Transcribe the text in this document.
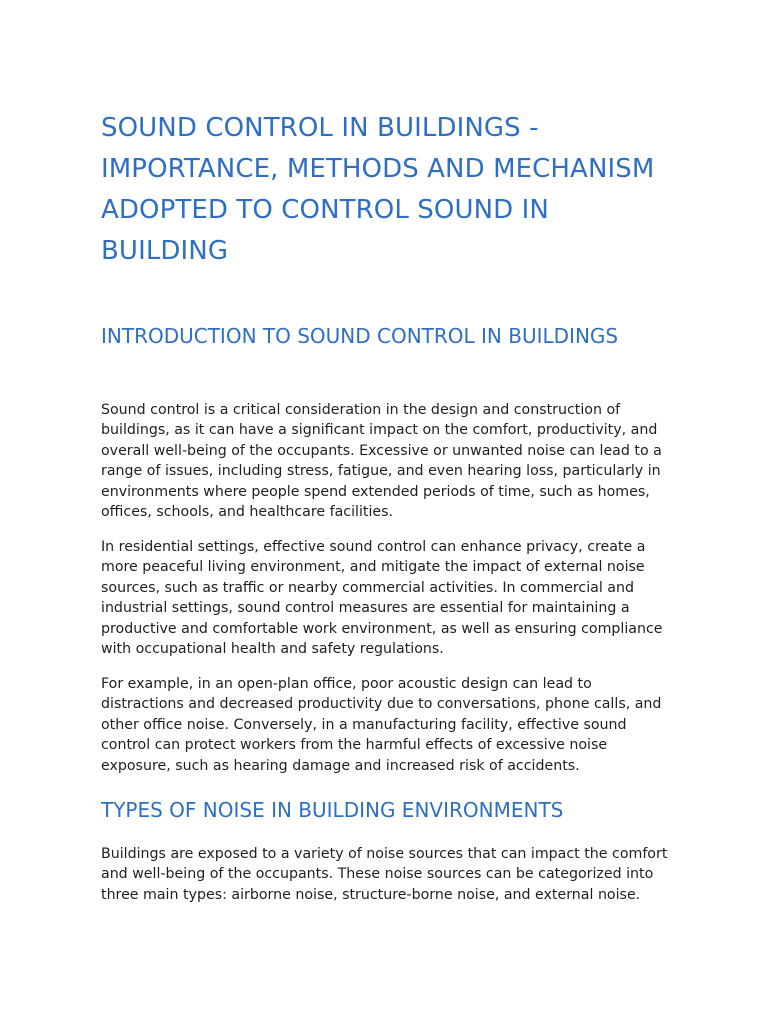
SOUND CONTROL IN BUILDINGS - IMPORTANCE, METHODS AND MECHANISM ADOPTED TO CONTROL SOUND IN BUILDING
INTRODUCTION TO SOUND CONTROL IN BUILDINGS

Sound control is a critical consideration in the design and construction of buildings, as it can have a significant impact on the comfort, productivity, and overall well-being of the occupants. Excessive or unwanted noise can lead to a range of issues, including stress, fatigue, and even hearing loss, particularly in environments where people spend extended periods of time, such as homes, offices, schools, and healthcare facilities.

In residential settings, effective sound control can enhance privacy, create a more peaceful living environment, and mitigate the impact of external noise sources, such as traffic or nearby commercial activities. In commercial and industrial settings, sound control measures are essential for maintaining a productive and comfortable work environment, as well as ensuring compliance with occupational health and safety regulations.

For example, in an open-plan office, poor acoustic design can lead to distractions and decreased productivity due to conversations, phone calls, and other office noise. Conversely, in a manufacturing facility, effective sound control can protect workers from the harmful effects of excessive noise exposure, such as hearing damage and increased risk of accidents.

TYPES OF NOISE IN BUILDING ENVIRONMENTS

Buildings are exposed to a variety of noise sources that can impact the comfort and well-being of the occupants. These noise sources can be categorized into three main types: airborne noise, structure-borne noise, and external noise.
